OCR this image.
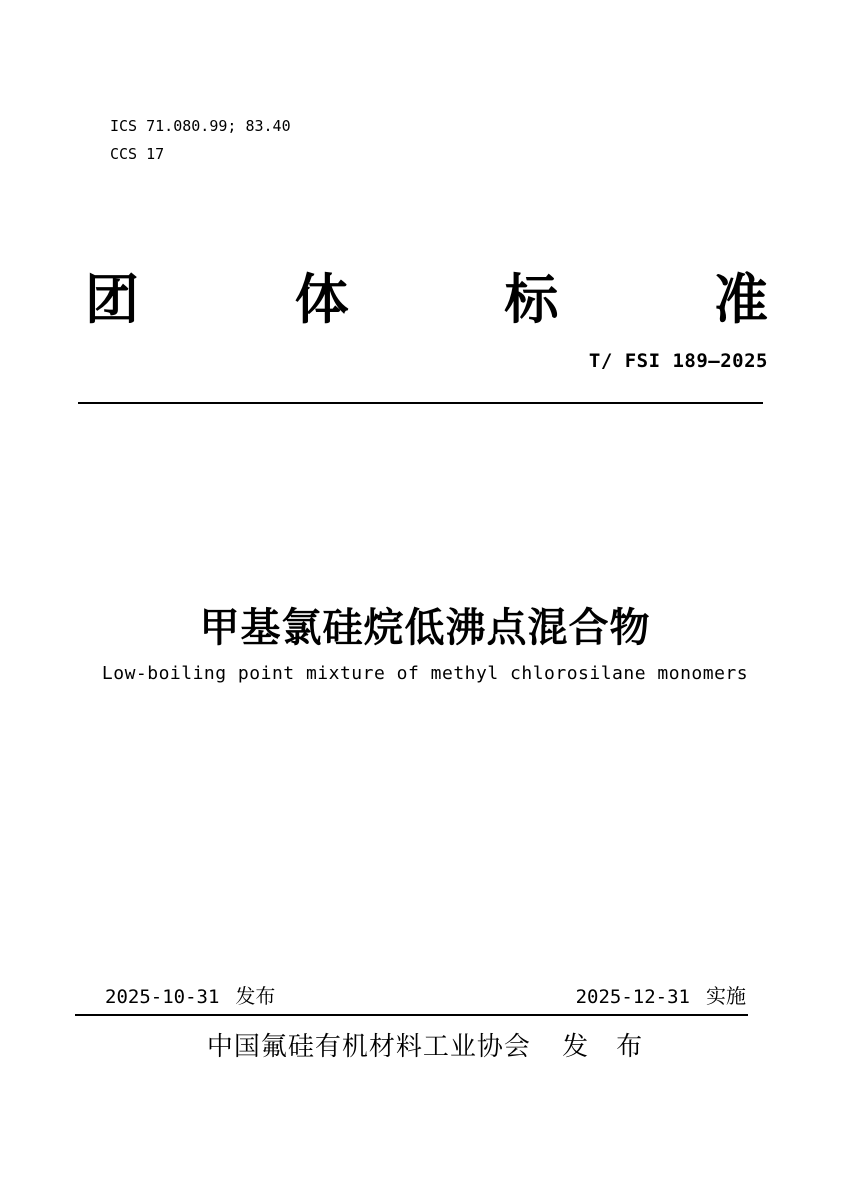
ICS 71.080.99; 83.40
CCS 17
团	体	标	准
T/ FSI 189—2025
甲基氯硅烷低沸点混合物
Low-boiling point mixture of methyl chlorosilane monomers
2025-10-31 发布	2025-12-31 实施
中国氟硅有机材料工业协会 发　布
